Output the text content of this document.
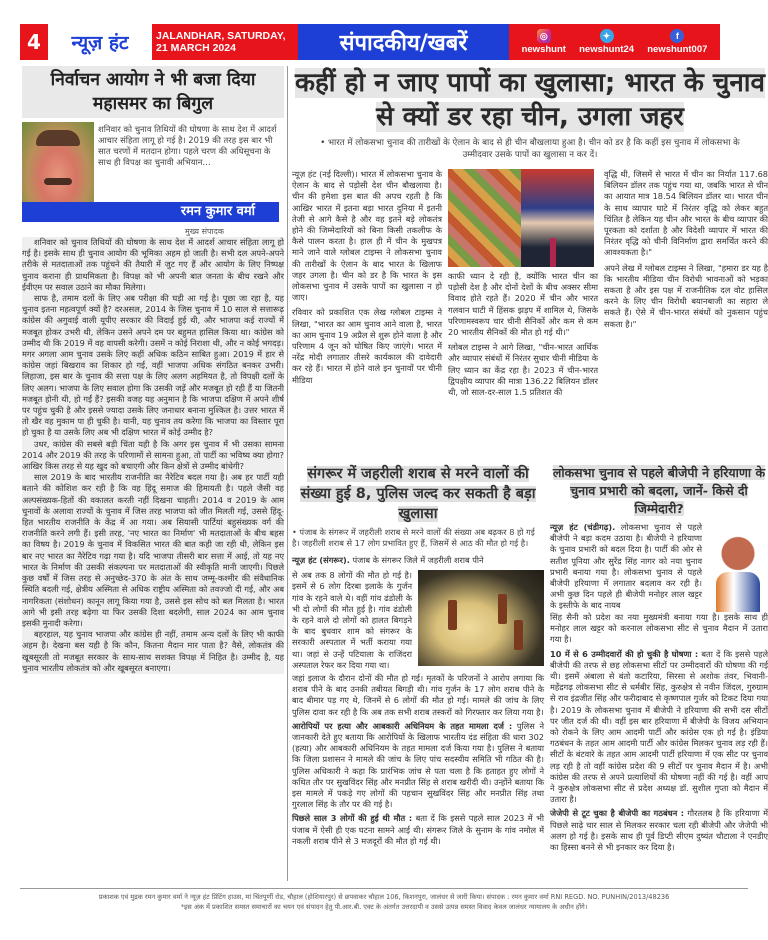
4	न्यूज़ हंट	JALANDHAR, SATURDAY,
21 MARCH 2024	संपादकीय/खबरें	◎
newshunt
✦
newshunt24
f
newshunt007
निर्वाचन आयोग ने भी बजा दिया महासमर का बिगुल
शनिवार को चुनाव तिथियों की घोषणा के साथ देश में आदर्श आचार संहिता लागू हो गई है। 2019 की तरह इस बार भी सात चरणों में मतदान होगा। पहले चरण की अधिसूचना के साथ ही विपक्ष का चुनावी अभियान…
रमन कुमार वर्मा
मुख्य संपादक

शनिवार को चुनाव तिथियों की घोषणा के साथ देश में आदर्श आचार संहिता लागू हो गई है। इसके साथ ही चुनाव आयोग की भूमिका अहम हो जाती है। सभी दल अपने-अपने तरीके से मतदाताओं तक पहुंचने की तैयारी में जुट गए हैं और आयोग के लिए निष्पक्ष चुनाव कराना ही प्राथमिकता है। विपक्ष को भी अपनी बात जनता के बीच रखने और ईवीएम पर सवाल उठाने का मौका मिलेगा।

साफ है, तमाम दलों के लिए अब परीक्षा की घड़ी आ गई है। पूछा जा रहा है, यह चुनाव इतना महत्वपूर्ण क्यों है? दरअसल, 2014 के जिस चुनाव में 10 साल से सत्तारूढ़ कांग्रेस की अगुवाई वाली यूपीए सरकार की विदाई हुई थी, और भाजपा कई राज्यों में मजबूत होकर उभरी थी, लेकिन उसने अपने दम पर बहुमत हासिल किया था। कांग्रेस को उम्मीद थी कि 2019 में वह वापसी करेगी। उसमें न कोई निराशा थी, और न कोई भगदड़। मगर अगला आम चुनाव उसके लिए कहीं अधिक कठिन साबित हुआ। 2019 में हार से कांग्रेस जहां बिखराव का शिकार हो गई, वहीं भाजपा अधिक संगठित बनकर उभरी। लिहाजा, इस बार के चुनाव की सत्ता पक्ष के लिए अलग अहमियत है, तो विपक्षी दलों के लिए अलग। भाजपा के लिए सवाल होगा कि उसकी जड़ें और मजबूत हो रही हैं या जितनी मजबूत होनी थी, हो गईं हैं? इसकी वजह यह अनुमान है कि भाजपा दक्षिण में अपने शीर्ष पर पहुंच चुकी है और इससे ज्यादा उसके लिए जनाधार बनाना मुश्किल है। उत्तर भारत में तो खैर वह मुकाम पा ही चुकी है। यानी, यह चुनाव तय करेगा कि भाजपा का विस्तार पूरा हो चुका है या उसके लिए अब भी दक्षिण भारत में कोई उम्मीद है?

उधर, कांग्रेस की सबसे बड़ी चिंता यही है कि अगर इस चुनाव में भी उसका सामना 2014 और 2019 की तरह के परिणामों से सामना हुआ, तो पार्टी का भविष्य क्या होगा? आखिर किस तरह से यह खुद को बचाएगी और किन क्षेत्रों से उम्मीद बांधेगी?

साल 2019 के बाद भारतीय राजनीति का नैरेटिव बदल गया है। अब हर पार्टी यही बताने की कोशिश कर रही है कि वह हिंदू समाज की हिमायती है। पहले जैसी वह अल्पसंख्यक-हितों की वकालत करती नहीं दिखना चाहती। 2014 व 2019 के आम चुनावों के अलावा राज्यों के चुनाव में जिस तरह भाजपा को जीत मिलती गई, उससे हिंदू-हित भारतीय राजनीति के केंद्र में आ गया। अब सियासी पार्टियां बहुसंख्यक वर्ग की राजनीति करने लगी हैं। इसी तरह, 'नए भारत का निर्माण' भी मतदाताओं के बीच बहस का विषय है। 2019 के चुनाव में विकसित भारत की बात कही जा रही थी, लेकिन इस बार नए भारत का नैरेटिव गढ़ा गया है। यदि भाजपा तीसरी बार सत्ता में आई, तो यह नए भारत के निर्माण की उसकी संकल्पना पर मतदाताओं की स्वीकृति मानी जाएगी। पिछले कुछ वर्षों में जिस तरह से अनुच्छेद-370 के अंत के साथ जम्मू-कश्मीर की संवैधानिक स्थिति बदली गई, क्षेत्रीय अस्मिता से अधिक राष्ट्रीय अस्मिता को तवज्जो दी गई, और अब नागरिकता (संशोधन) कानून लागू किया गया है, उससे इस सोच को बल मिलता है। भारत आगे भी इसी तरह बढ़ेगा या फिर उसकी दिशा बदलेगी, साल 2024 का आम चुनाव इसकी मुनादी करेगा।

बहरहाल, यह चुनाव भाजपा और कांग्रेस ही नहीं, तमाम अन्य दलों के लिए भी काफी अहम है। देखना बस यही है कि कौन, कितना मैदान मार पाता है? वैसे, लोकतंत्र की खूबसूरती तो मजबूत सरकार के साथ-साथ सशक्त विपक्ष में निहित है। उम्मीद है, यह चुनाव भारतीय लोकतंत्र को और खूबसूरत बनाएगा।

कहीं हो न जाए पापों का खुलासा; भारत के चुनाव से क्यों डर रहा चीन, उगला जहर
• भारत में लोकसभा चुनाव की तारीखों के ऐलान के बाद से ही चीन बौखलाया हुआ है। चीन को डर है कि कहीं इस चुनाव में लोकसभा के उम्मीदवार उसके पापों का खुलासा न कर दें।
न्यूज़ हंट (नई दिल्ली)। भारत में लोकसभा चुनाव के ऐलान के बाद से पड़ोसी देश चीन बौखलाया है। चीन की हमेशा इस बात की अपच रहती है कि आखिर भारत में इतना बड़ा भारत दुनिया में इतनी तेजी से आगे कैसे है और वह इतने बड़े लोकतंत्र होने की जिम्मेदारियों को बिना किसी तकलीफ के कैसे पालन करता है। हाल ही में चीन के मुखपत्र माने जाने वाले ग्लोबल टाइम्स ने लोकसभा चुनाव की तारीखों के ऐलान के बाद भारत के खिलाफ जहर उगला है। चीन को डर है कि भारत के इस लोकसभा चुनाव में उसके पापों का खुलासा न हो जाए।
रविवार को प्रकाशित एक लेख ग्लोबल टाइम्स ने लिखा, "भारत का आम चुनाव आने वाला है, भारत का आम चुनाव 19 अप्रैल से शुरू होने वाला है और परिणाम 4 जून को घोषित किए जाएंगे। भारत में नरेंद्र मोदी लगातार तीसरे कार्यकाल की दावेदारी कर रहे हैं। भारत में होने वाले इन चुनावों पर चीनी मीडिया
काफी ध्यान दे रही है, क्योंकि भारत चीन का पड़ोसी देश है और दोनों देशों के बीच अक्सर सीमा विवाद होते रहते हैं। 2020 में चीन और भारत गलवान घाटी में हिंसक झड़प में शामिल थे, जिसके परिणामस्वरूप चार चीनी सैनिकों और कम से कम 20 भारतीय सैनिकों की मौत हो गई थी।"
ग्लोबल टाइम्स ने आगे लिखा, "चीन-भारत आर्थिक और व्यापार संबंधों में निरंतर सुधार चीनी मीडिया के लिए ध्यान का केंद्र रहा है। 2023 में चीन-भारत द्विपक्षीय व्यापार की मात्रा 136.22 बिलियन डॉलर थी, जो साल-दर-साल 1.5 प्रतिशत की
वृद्धि थी, जिसमें से भारत में चीन का निर्यात 117.68 बिलियन डॉलर तक पहुंच गया था, जबकि भारत से चीन का आयात मात्र 18.54 बिलियन डॉलर था। भारत चीन के साथ व्यापार घाटे में निरंतर वृद्धि को लेकर बहुत चिंतित है लेकिन यह चीन और भारत के बीच व्यापार की पूरकता को दर्शाता है और विदेशी व्यापार में भारत की निरंतर वृद्धि को चीनी विनिर्माण द्वारा समर्थित करने की आवश्यकता है।"
अपने लेख में ग्लोबल टाइम्स ने लिखा, "हमारा डर यह है कि भारतीय मीडिया चीन विरोधी भावनाओं को भड़का सकता है और इस पक्ष में राजनीतिक दल वोट हासिल करने के लिए चीन विरोधी बयानबाजी का सहारा ले सकते हैं। ऐसे में चीन-भारत संबंधों को नुकसान पहुंच सकता है।"
संगरूर में जहरीली शराब से मरने वालों की संख्या हुई 8, पुलिस जल्द कर सकती है बड़ा खुलासा
• पंजाब के संगरूर में जहरीली शराब से मरने वालों की संख्या अब बढ़कर 8 हो गई है। जहरीली शराब से 17 लोग प्रभावित हुए हैं, जिसमें से आठ की मौत हो गई है।
न्यूज़ हंट (संगरूर). पंजाब के संगरूर जिले में जहरीली शराब पीने
से अब तक 8 लोगों की मौत हो गई है। इसमें से 6 लोग दिरबा इलाके के गुर्जन गांव के रहने वाले थे। वहीं गांव ढंडोली के भी दो लोगों की मौत हुई है। गांव ढंडोली के रहने वाले दो लोगों को हालत बिगड़ने के बाद बुधवार शाम को संगरूर के सरकारी अस्पताल में भर्ती कराया गया था। जहां से उन्हें पटियाला के राजिंदरा अस्पताल रेफर कर दिया गया था।
जहां इलाज के दौरान दोनों की मौत हो गई। मृतकों के परिजनों ने आरोप लगाया कि शराब पीने के बाद उनकी तबीयत बिगड़ी थी। गांव गुर्जन के 17 लोग शराब पीने के बाद बीमार पड़ गए थे, जिनमें से 6 लोगों की मौत हो गई। मामले की जांच के लिए पुलिस दावा कर रही है कि अब तक सभी शराब तस्करों को गिरफ्तार कर लिया गया है।
आरोपियों पर हत्या और आबकारी अधिनियम के तहत मामला दर्ज : पुलिस ने जानकारी देते हुए बताया कि आरोपियों के खिलाफ भारतीय दंड संहिता की धारा 302 (हत्या) और आबकारी अधिनियम के तहत मामला दर्ज किया गया है। पुलिस ने बताया कि जिला प्रशासन ने मामले की जांच के लिए पांच सदस्यीय समिति भी गठित की है। पुलिस अधिकारी ने कहा कि प्रारंभिक जांच से पता चला है कि हताहत हुए लोगों ने कथित तौर पर सुखविंदर सिंह और मनप्रीत सिंह से शराब खरीदी थी। उन्होंने बताया कि इस मामले में पकड़े गए लोगों की पहचान सुखविंदर सिंह और मनप्रीत सिंह तथा गुरलाल सिंह के तौर पर की गई है।
पिछले साल 3 लोगों की हुई थी मौत : बता दें कि इससे पहले साल 2023 में भी पंजाब में ऐसी ही एक घटना सामने आई थी। संगरूर जिले के सुनाम के गांव नमोल में नकली शराब पीने से 3 मजदूरों की मौत हो गई थी।
लोकसभा चुनाव से पहले बीजेपी ने हरियाणा के चुनाव प्रभारी को बदला, जानें- किसे दी जिम्मेदारी?
न्यूज़ हंट (चंडीगढ़). लोकसभा चुनाव से पहले बीजेपी ने बड़ा कदम उठाया है। बीजेपी ने हरियाणा के चुनाव प्रभारी को बदल दिया है। पार्टी की ओर से सतीश पूनिया और सुरेंद्र सिंह नागर को नया चुनाव प्रभारी बनाया गया है। लोकसभा चुनाव से पहले बीजेपी हरियाणा में लगातार बदलाव कर रही है। अभी कुछ दिन पहले ही बीजेपी मनोहर लाल खट्टर के इस्तीफे के बाद नायब
सिंह सैनी को प्रदेश का नया मुख्यमंत्री बनाया गया है। इसके साथ ही मनोहर लाल खट्टर को करनाल लोकसभा सीट से चुनाव मैदान में उतारा गया है।
10 में से 6 उम्मीदवारों की हो चुकी है घोषणा : बता दें कि इससे पहले बीजेपी की तरफ से छह लोकसभा सीटों पर उम्मीदवारों की घोषणा की गई थी। इसमें अंबाला से बंतो कटारिया, सिरसा से अशोक तंवर, भिवानी-महेंद्रगढ़ लोकसभा सीट से धर्मबीर सिंह, कुरुक्षेत्र से नवीन जिंदल, गुरुग्राम से राव इंद्रजीत सिंह और फरीदाबाद से कृष्णपाल गुर्जर को टिकट दिया गया है। 2019 के लोकसभा चुनाव में बीजेपी ने हरियाणा की सभी दस सीटों पर जीत दर्ज की थी। वहीं इस बार हरियाणा में बीजेपी के विजय अभियान को रोकने के लिए आम आदमी पार्टी और कांग्रेस एक हो गई है। इंडिया गठबंधन के तहत आम आदमी पार्टी और कांग्रेस मिलकर चुनाव लड़ रही हैं। सीटों के बंटवारे के तहत आम आदमी पार्टी हरियाणा में एक सीट पर चुनाव लड़ रही है तो वहीं कांग्रेस प्रदेश की 9 सीटों पर चुनाव मैदान में है। अभी कांग्रेस की तरफ से अपने प्रत्याशियों की घोषणा नहीं की गई है। वहीं आप ने कुरुक्षेत्र लोकसभा सीट से प्रदेश अध्यक्ष डॉ. सुशील गुप्ता को मैदान में उतारा है।
जेजेपी से टूट चुका है बीजेपी का गठबंधन : गौरतलब है कि हरियाणा में पिछले साढ़े चार साल से मिलकर सरकार चला रही बीजेपी और जेजेपी भी अलग हो गई है। इसके साथ ही पूर्व डिप्टी सीएम दुष्यंत चौटाला ने एनडीए का हिस्सा बनने से भी इनकार कर दिया है।
प्रकाशक एवं मुद्रक रमन कुमार वर्मा ने न्यूज़ हंट प्रिंटिंग हाउस, मां चिंतपूर्णी रोड, चौहाल (होशियारपुर) से छपवाकर चौहाल 106, किशनपुरा, जालंधर से जारी किया। संपादक : रमन कुमार वर्मा RNI REGD. NO. PUNHIN/2013/48236
*इस अंक में प्रकाशित समस्त समाचारों का चयन एवं संपादन हेतु पी.आर.बी. एक्ट के अंतर्गत उत्तरदायी व उससे उत्पन्न समस्त विवाद केवल जालंधर न्यायालय के अधीन होंगे।
